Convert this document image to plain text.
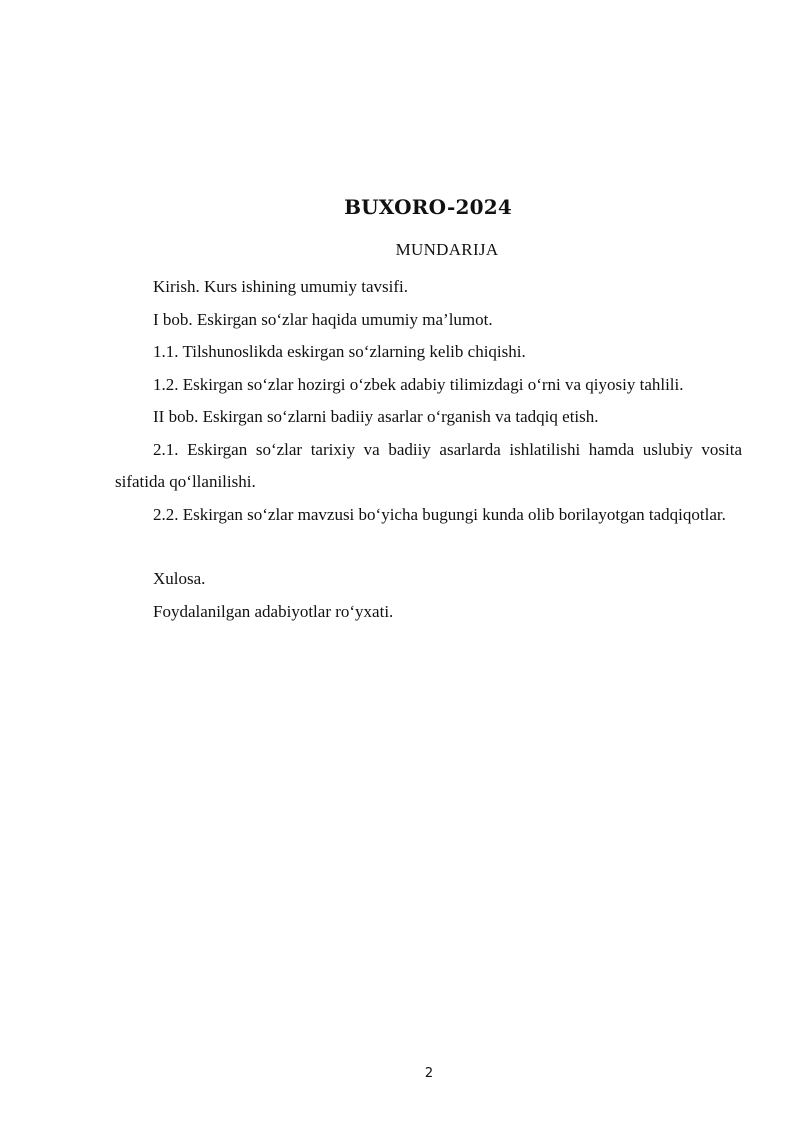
BUXORO-2024
MUNDARIJA

Kirish. Kurs ishining umumiy tavsifi.

I bob. Eskirgan so‘zlar haqida umumiy ma’lumot.

1.1. Tilshunoslikda eskirgan so‘zlarning kelib chiqishi.

1.2. Eskirgan so‘zlar hozirgi o‘zbek adabiy tilimizdagi o‘rni va qiyosiy tahlili.

II bob. Eskirgan so‘zlarni badiiy asarlar o‘rganish va tadqiq etish.

2.1. Eskirgan so‘zlar tarixiy va badiiy asarlarda ishlatilishi hamda uslubiy vosita sifatida qo‘llanilishi.

2.2. Eskirgan so‘zlar mavzusi bo‘yicha bugungi kunda olib borilayotgan tadqiqotlar.

Xulosa.

Foydalanilgan adabiyotlar ro‘yxati.

2
